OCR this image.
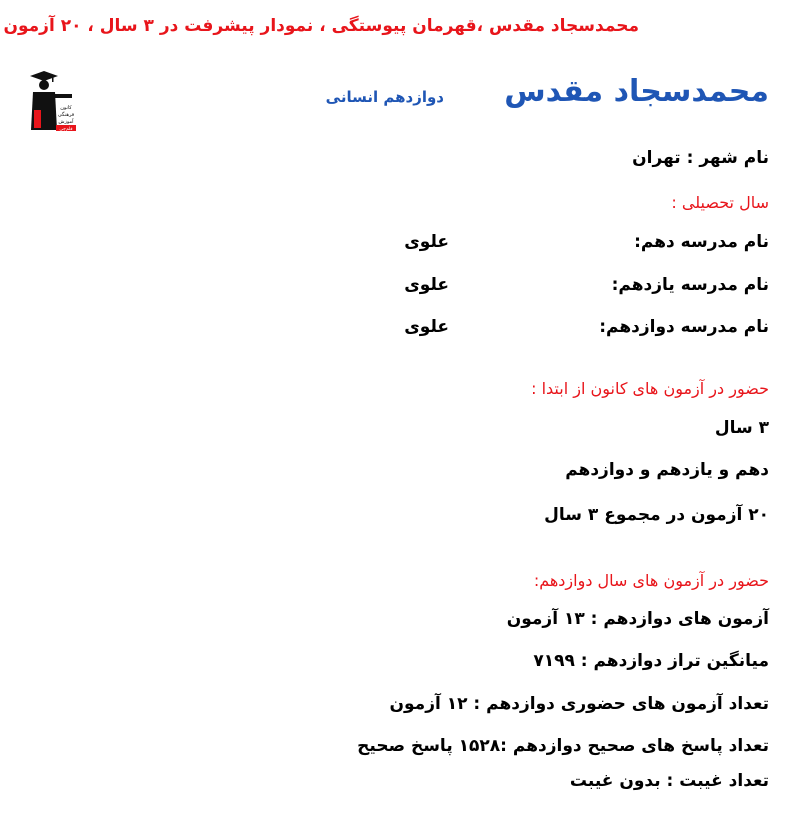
محمدسجاد مقدس ،قهرمان پیوستگی ، نمودار پیشرفت در ۳ سال ، ۲۰ آزمون
محمدسجاد مقدس
دوازدهم انسانی
کانون
فرهنگی
آموزش
قلم‌چی
نام شهر : تهران
سال تحصیلی :
نام مدرسه دهم:
علوی
نام مدرسه یازدهم:
علوی
نام مدرسه دوازدهم:
علوی
حضور در آزمون های کانون از ابتدا :
۳ سال
دهم و یازدهم و دوازدهم
۲۰ آزمون در مجموع ۳ سال
حضور در آزمون های سال دوازدهم:
آزمون های دوازدهم : ۱۳ آزمون
میانگین تراز دوازدهم : ۷۱۹۹
تعداد آزمون های حضوری دوازدهم : ۱۲ آزمون
تعداد پاسخ های صحیح دوازدهم :۱۵۲۸ پاسخ صحیح
تعداد غیبت : بدون غیبت
